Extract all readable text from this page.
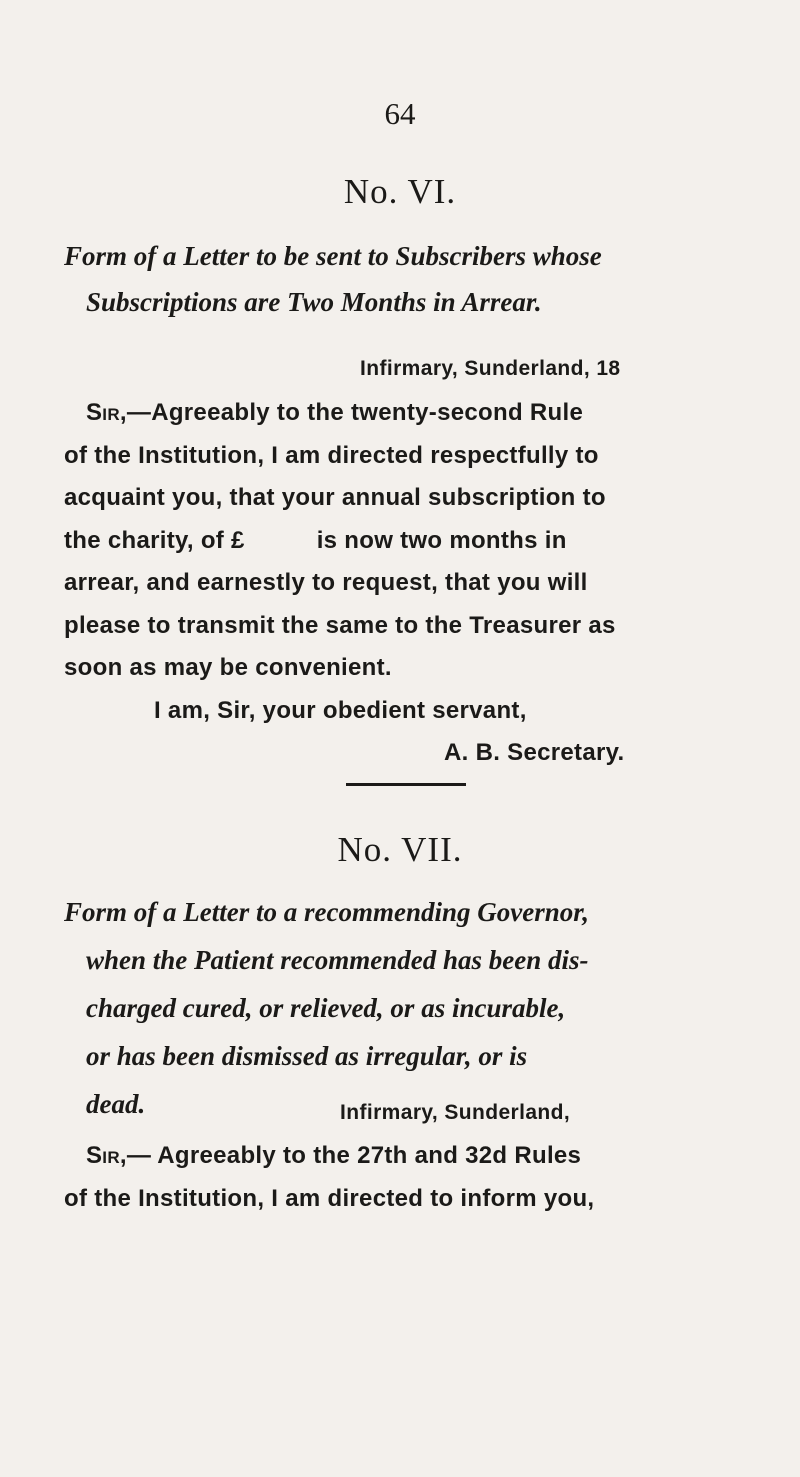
64
No. VI.
Form of a Letter to be sent to Subscribers whose
Subscriptions are Two Months in Arrear.
Infirmary, Sunderland, 18
Sir,—Agreeably to the twenty-second Rule
of the Institution, I am directed respectfully to
acquaint you, that your annual subscription to
the charity, of £	is now two months in
arrear, and earnestly to request, that you will
please to transmit the same to the Treasurer as
soon as may be convenient.
I am, Sir, your obedient servant,
A. B. Secretary.
No. VII.
Form of a Letter to a recommending Governor,
when the Patient recommended has been dis-
charged cured, or relieved, or as incurable,
or has been dismissed as irregular, or is
dead.	Infirmary, Sunderland,
Sir,— Agreeably to the 27th and 32d Rules
of the Institution, I am directed to inform you,
